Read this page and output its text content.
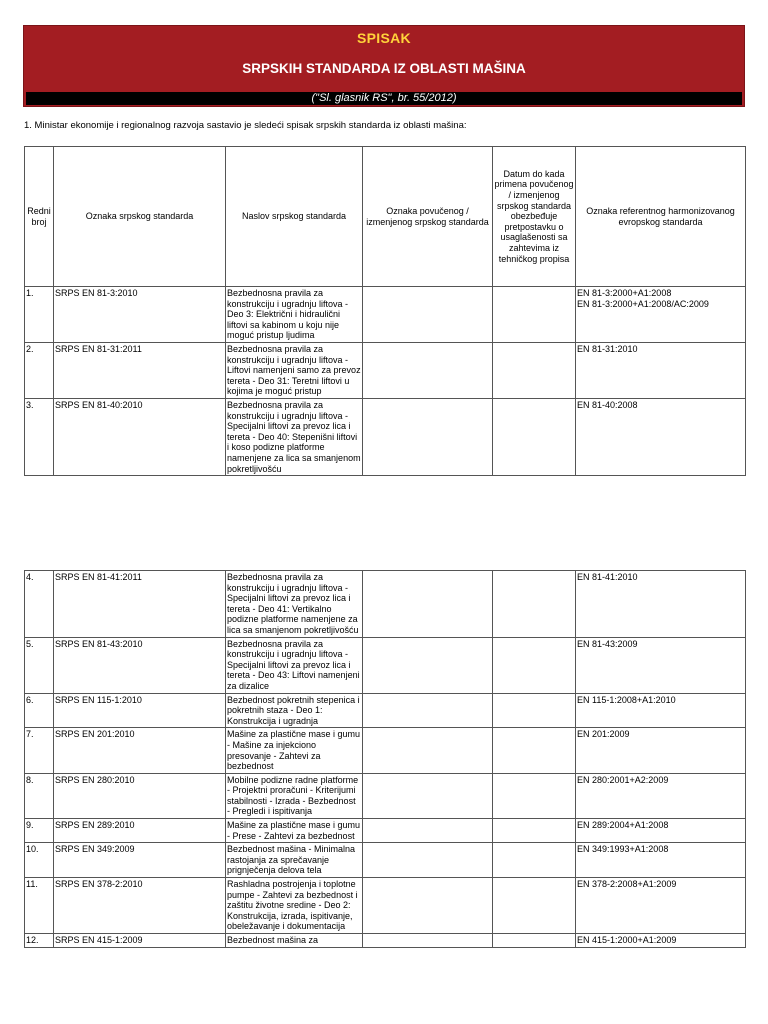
SPISAK
SRPSKIH STANDARDA IZ OBLASTI MAŠINA
("Sl. glasnik RS", br. 55/2012)
1. Ministar ekonomije i regionalnog razvoja sastavio je sledeći spisak srpskih standarda iz oblasti mašina:
Redni broj	Oznaka srpskog standarda	Naslov srpskog standarda	Oznaka povučenog / izmenjenog srpskog standarda	Datum do kada primena povučenog / izmenjenog srpskog standarda obezbeđuje pretpostavku o usaglašenosti sa zahtevima iz tehničkog propisa	Oznaka referentnog harmonizovanog evropskog standarda
1.	SRPS EN 81-3:2010	Bezbednosna pravila za konstrukciju i ugradnju liftova - Deo 3: Električni i hidraulični liftovi sa kabinom u koju nije moguć pristup ljudima			EN 81-3:2000+A1:2008
EN 81-3:2000+A1:2008/AC:2009
2.	SRPS EN 81-31:2011	Bezbednosna pravila za konstrukciju i ugradnju liftova - Liftovi namenjeni samo za prevoz tereta - Deo 31: Teretni liftovi u kojima je moguć pristup			EN 81-31:2010
3.	SRPS EN 81-40:2010	Bezbednosna pravila za konstrukciju i ugradnju liftova - Specijalni liftovi za prevoz lica i tereta - Deo 40: Stepenišni liftovi i koso podizne platforme namenjene za lica sa smanjenom pokretljivošću			EN 81-40:2008
4.	SRPS EN 81-41:2011	Bezbednosna pravila za konstrukciju i ugradnju liftova - Specijalni liftovi za prevoz lica i tereta - Deo 41: Vertikalno podizne platforme namenjene za lica sa smanjenom pokretljivošću			EN 81-41:2010
5.	SRPS EN 81-43:2010	Bezbednosna pravila za konstrukciju i ugradnju liftova - Specijalni liftovi za prevoz lica i tereta - Deo 43: Liftovi namenjeni za dizalice			EN 81-43:2009
6.	SRPS EN 115-1:2010	Bezbednost pokretnih stepenica i pokretnih staza - Deo 1: Konstrukcija i ugradnja			EN 115-1:2008+A1:2010
7.	SRPS EN 201:2010	Mašine za plastične mase i gumu - Mašine za injekciono presovanje - Zahtevi za bezbednost			EN 201:2009
8.	SRPS EN 280:2010	Mobilne podizne radne platforme - Projektni proračuni - Kriterijumi stabilnosti - Izrada - Bezbednost - Pregledi i ispitivanja			EN 280:2001+A2:2009
9.	SRPS EN 289:2010	Mašine za plastične mase i gumu - Prese - Zahtevi za bezbednost			EN 289:2004+A1:2008
10.	SRPS EN 349:2009	Bezbednost mašina - Minimalna rastojanja za sprečavanje prignječenja delova tela			EN 349:1993+A1:2008
11.	SRPS EN 378-2:2010	Rashladna postrojenja i toplotne pumpe - Zahtevi za bezbednost i zaštitu životne sredine - Deo 2: Konstrukcija, izrada, ispitivanje, obeležavanje i dokumentacija			EN 378-2:2008+A1:2009
12.	SRPS EN 415-1:2009	Bezbednost mašina za			EN 415-1:2000+A1:2009
